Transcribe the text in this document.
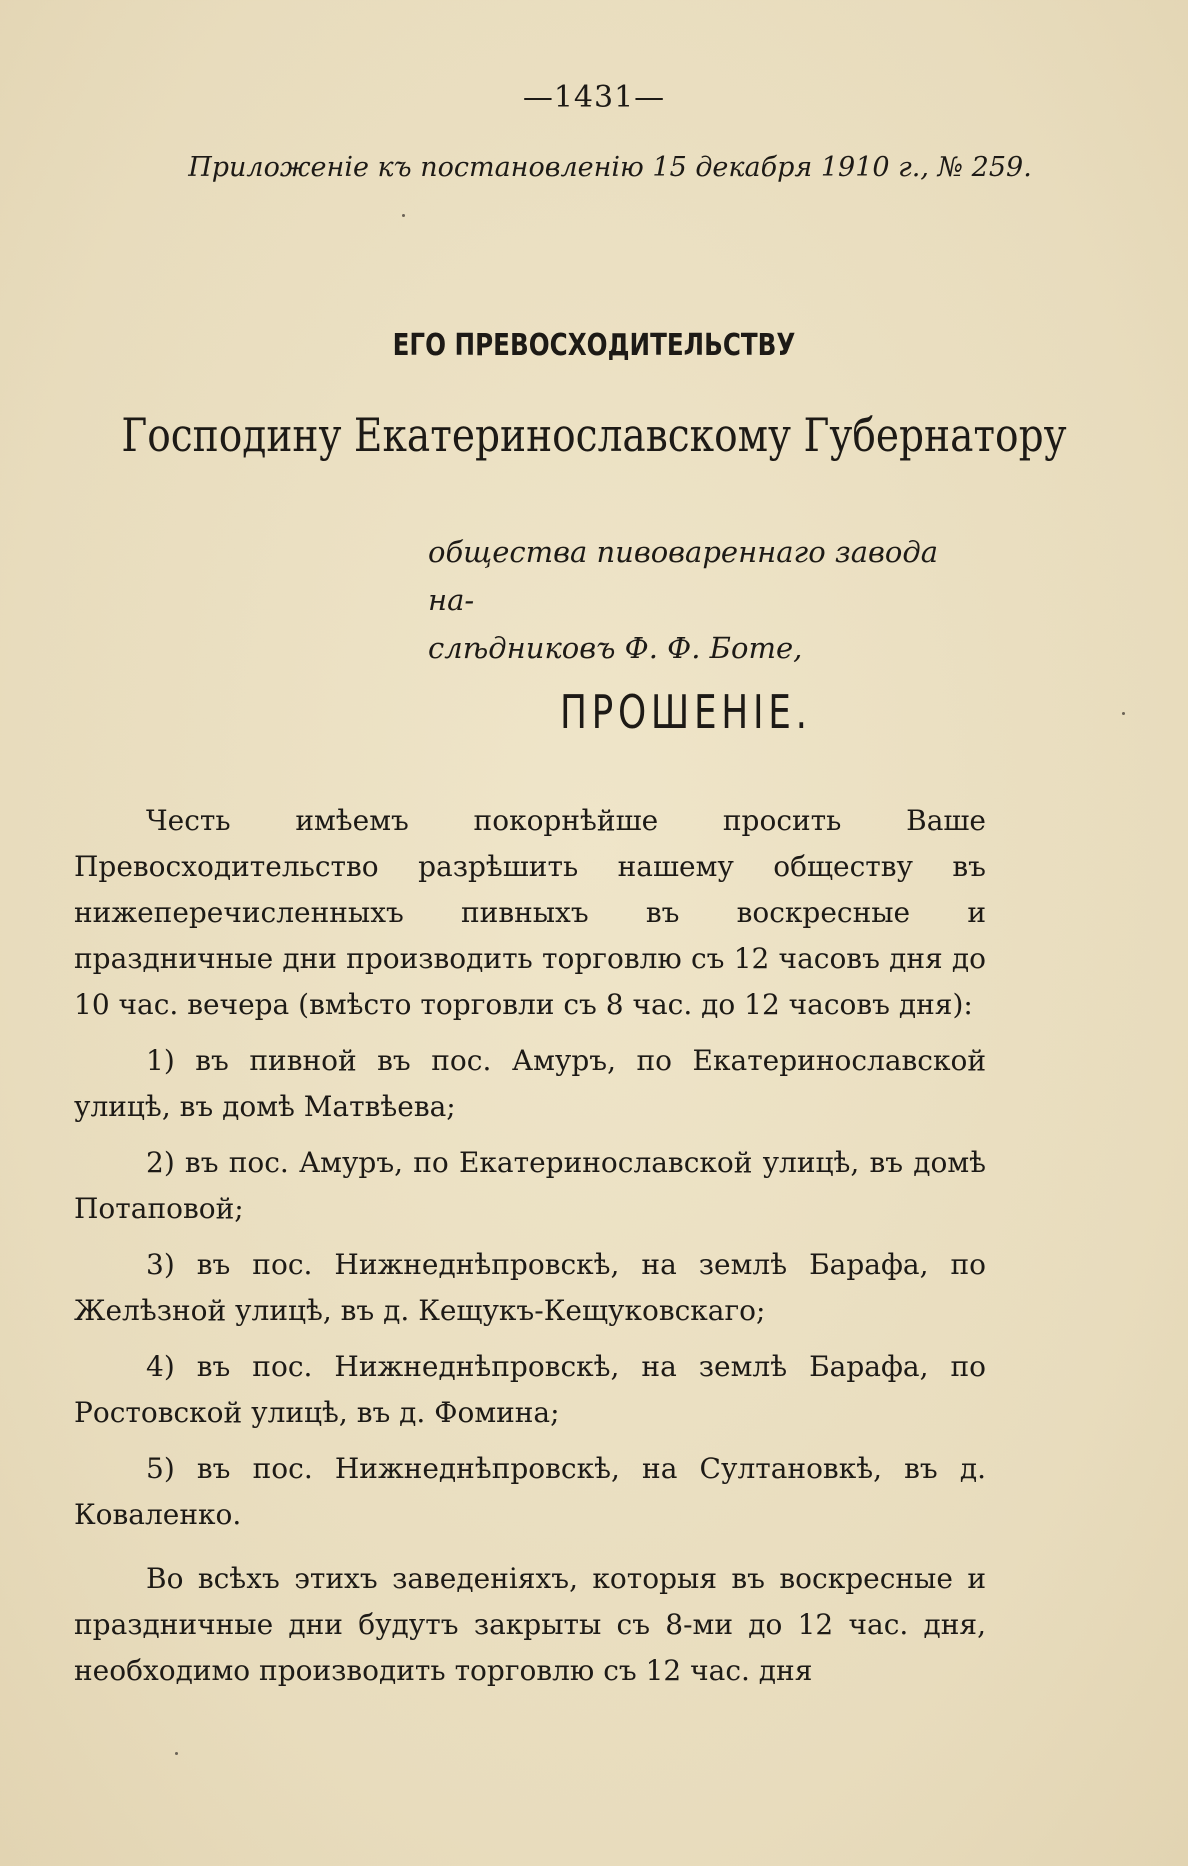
—1431—
Приложеніе къ постановленію 15 декабря 1910 г., № 259.
ЕГО ПРЕВОСХОДИТЕЛЬСТВУ
Господину Екатеринославскому Губернатору
общества пивовареннаго завода на-
слѣдниковъ Ф. Ф. Боте,
ПРОШЕНІЕ.

Честь имѣемъ покорнѣйше просить Ваше Превосходительство разрѣшить нашему обществу въ нижеперечисленныхъ пивныхъ въ воскресные и праздничные дни производить торговлю съ 12 часовъ дня до 10 час. вечера (вмѣсто торговли съ 8 час. до 12 часовъ дня):

1) въ пивной въ пос. Амуръ, по Екатеринославской улицѣ, въ домѣ Матвѣева;

2) въ пос. Амуръ, по Екатеринославской улицѣ, въ домѣ Потаповой;

3) въ пос. Нижнеднѣпровскѣ, на землѣ Барафа, по Желѣзной улицѣ, въ д. Кещукъ-Кещуковскаго;

4) въ пос. Нижнеднѣпровскѣ, на землѣ Барафа, по Ростовской улицѣ, въ д. Фомина;

5) въ пос. Нижнеднѣпровскѣ, на Султановкѣ, въ д. Коваленко.

Во всѣхъ этихъ заведеніяхъ, которыя въ воскресные и праздничные дни будутъ закрыты съ 8-ми до 12 час. дня, необходимо производить торговлю съ 12 час. дня
